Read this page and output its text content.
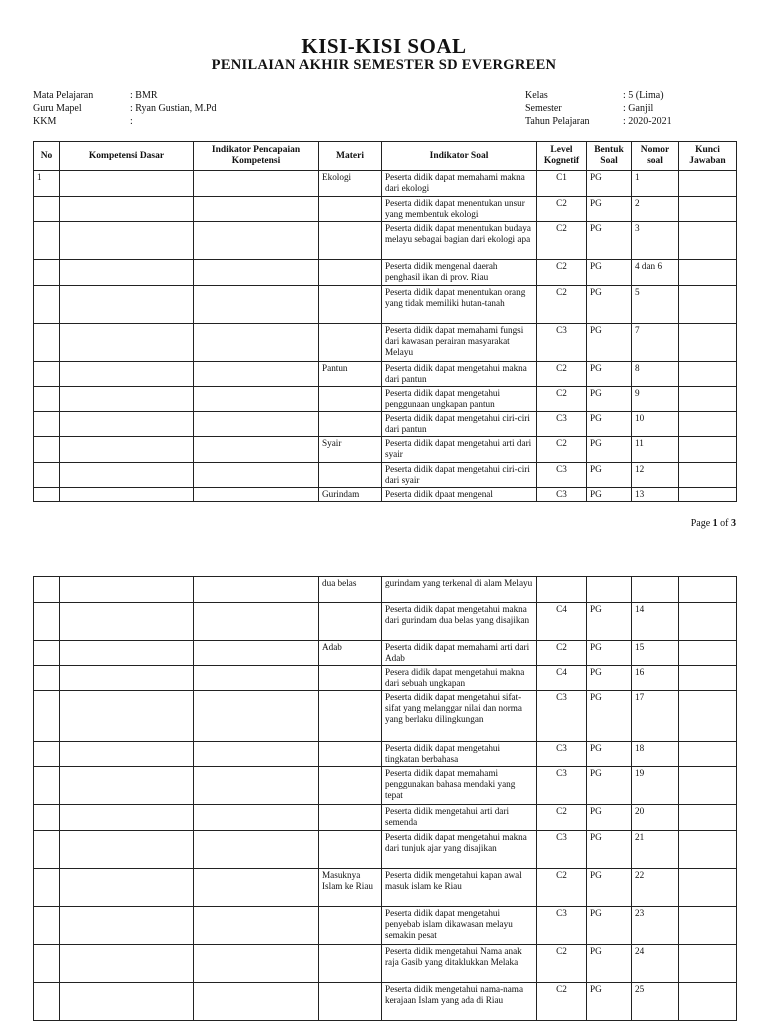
KISI-KISI SOAL
PENILAIAN AKHIR SEMESTER SD EVERGREEN
Mata Pelajaran	: BMR
Guru Mapel	: Ryan Gustian, M.Pd
KKM	:
Kelas	: 5 (Lima)
Semester	: Ganjil
Tahun Pelajaran	: 2020-2021
No	Kompetensi Dasar	Indikator Pencapaian Kompetensi	Materi	Indikator Soal	Level Kognetif	Bentuk Soal	Nomor soal	Kunci Jawaban
1			Ekologi	Peserta didik dapat memahami makna dari ekologi	C1	PG	1	
				Peserta didik dapat menentukan unsur yang membentuk ekologi	C2	PG	2	
				Peserta didik dapat menentukan budaya melayu sebagai bagian dari ekologi apa	C2	PG	3	
				Peserta didik mengenal daerah penghasil ikan di prov. Riau	C2	PG	4 dan 6	
				Peserta didik dapat menentukan orang yang tidak memiliki hutan-tanah	C2	PG	5	
				Peserta didik dapat memahami fungsi dari kawasan perairan masyarakat Melayu	C3	PG	7	
			Pantun	Peserta didik dapat mengetahui makna dari pantun	C2	PG	8	
				Peserta didik dapat mengetahui penggunaan ungkapan pantun	C2	PG	9	
				Peserta didik dapat mengetahui ciri-ciri dari pantun	C3	PG	10	
			Syair	Peserta didik dapat mengetahui arti dari syair	C2	PG	11	
				Peserta didik dapat mengetahui ciri-ciri dari syair	C3	PG	12	
			Gurindam	Peserta didik dpaat mengenal	C3	PG	13	
Page 1 of 3
			dua belas	gurindam yang terkenal di alam Melayu				
				Peserta didik dapat mengetahui makna dari gurindam dua belas yang disajikan	C4	PG	14	
			Adab	Peserta didik dapat memahami arti dari Adab	C2	PG	15	
				Pesera didik dapat mengetahui makna dari sebuah ungkapan	C4	PG	16	
				Peserta didik dapat mengetahui sifat-sifat yang melanggar nilai dan norma yang berlaku dilingkungan	C3	PG	17	
				Peserta didik dapat mengetahui tingkatan berbahasa	C3	PG	18	
				Peserta didik dapat memahami penggunakan bahasa mendaki yang tepat	C3	PG	19	
				Peserta didik mengetahui arti dari semenda	C2	PG	20	
				Peserta didik dapat mengetahui makna dari tunjuk ajar yang disajikan	C3	PG	21	
			Masuknya Islam ke Riau	Peserta didik mengetahui kapan awal masuk islam ke Riau	C2	PG	22	
				Peserta didik dapat mengetahui penyebab islam dikawasan melayu semakin pesat	C3	PG	23	
				Peserta didik mengetahui Nama anak raja Gasib yang ditaklukkan Melaka	C2	PG	24	
				Peserta didik mengetahui nama-nama kerajaan Islam yang ada di Riau	C2	PG	25	
